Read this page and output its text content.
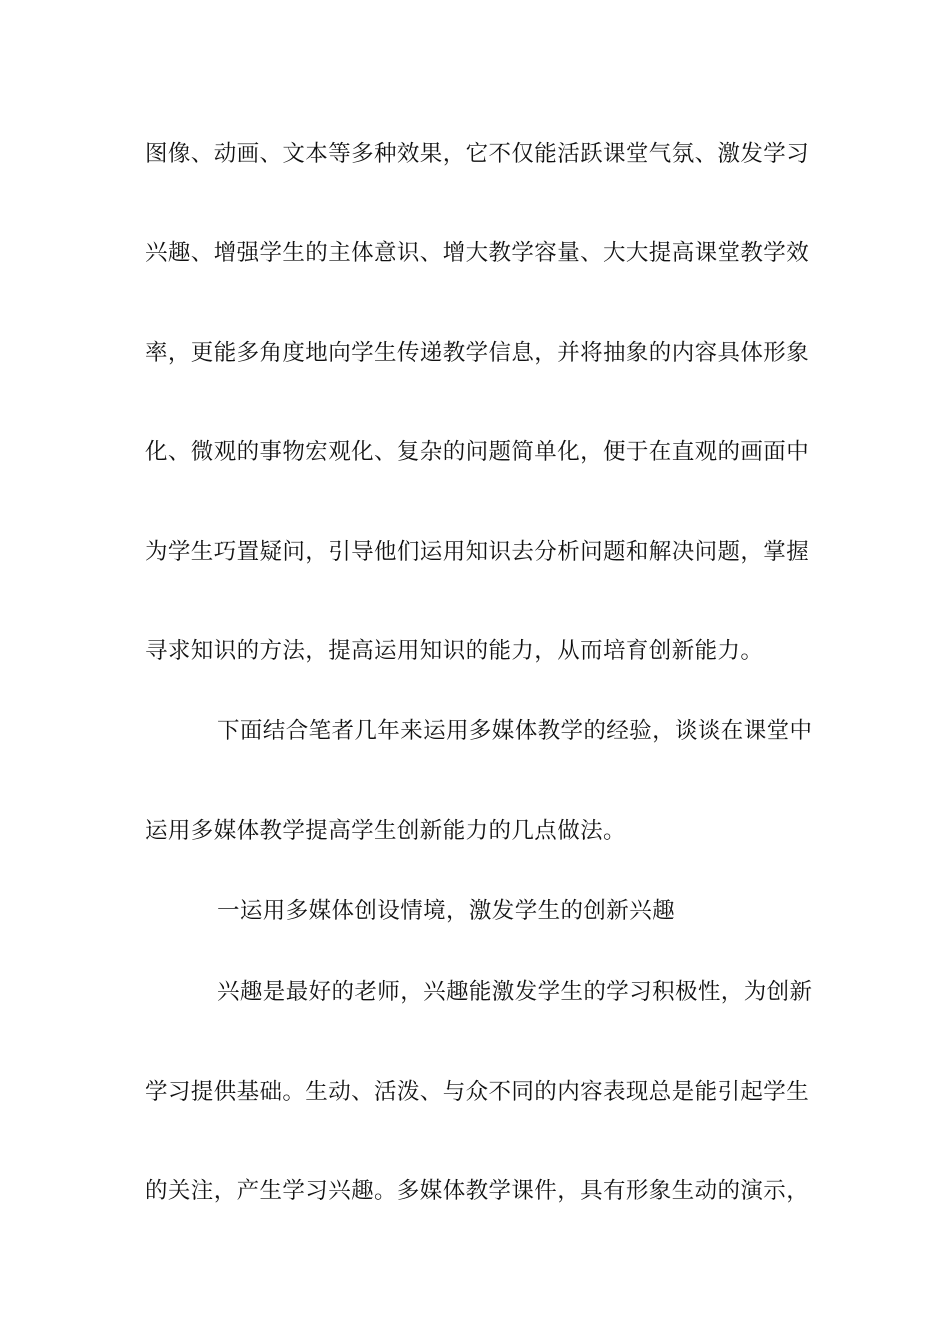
图像、动画、文本等多种效果，它不仅能活跃课堂气氛、激发学习
兴趣、增强学生的主体意识、增大教学容量、大大提高课堂教学效
率，更能多角度地向学生传递教学信息，并将抽象的内容具体形象
化、微观的事物宏观化、复杂的问题简单化，便于在直观的画面中
为学生巧置疑问，引导他们运用知识去分析问题和解决问题，掌握
寻求知识的方法，提高运用知识的能力，从而培育创新能力。
下面结合笔者几年来运用多媒体教学的经验，谈谈在课堂中
运用多媒体教学提高学生创新能力的几点做法。
一运用多媒体创设情境，激发学生的创新兴趣
兴趣是最好的老师，兴趣能激发学生的学习积极性，为创新
学习提供基础。生动、活泼、与众不同的内容表现总是能引起学生
的关注，产生学习兴趣。多媒体教学课件，具有形象生动的演示，
